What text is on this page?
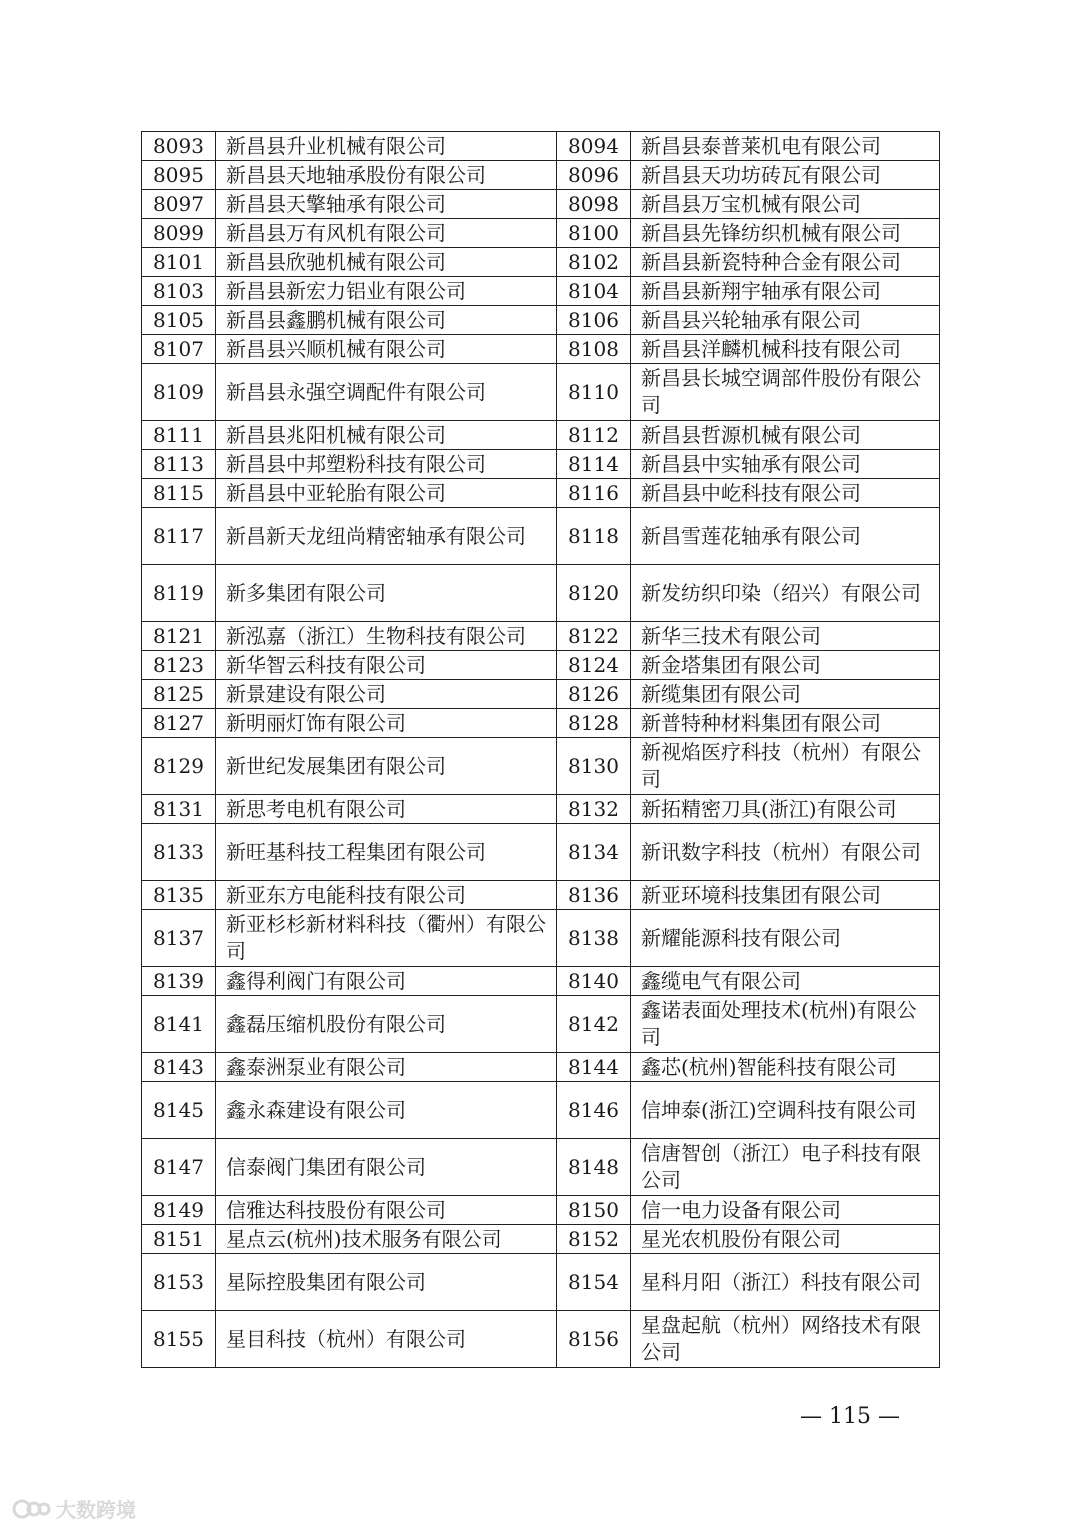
8093	新昌县升业机械有限公司	8094	新昌县泰普莱机电有限公司
8095	新昌县天地轴承股份有限公司	8096	新昌县天功坊砖瓦有限公司
8097	新昌县天擎轴承有限公司	8098	新昌县万宝机械有限公司
8099	新昌县万有风机有限公司	8100	新昌县先锋纺织机械有限公司
8101	新昌县欣驰机械有限公司	8102	新昌县新瓷特种合金有限公司
8103	新昌县新宏力铝业有限公司	8104	新昌县新翔宇轴承有限公司
8105	新昌县鑫鹏机械有限公司	8106	新昌县兴轮轴承有限公司
8107	新昌县兴顺机械有限公司	8108	新昌县洋麟机械科技有限公司
8109	新昌县永强空调配件有限公司	8110	新昌县长城空调部件股份有限公司
8111	新昌县兆阳机械有限公司	8112	新昌县哲源机械有限公司
8113	新昌县中邦塑粉科技有限公司	8114	新昌县中实轴承有限公司
8115	新昌县中亚轮胎有限公司	8116	新昌县中屹科技有限公司
8117	新昌新天龙纽尚精密轴承有限公司	8118	新昌雪莲花轴承有限公司
8119	新多集团有限公司	8120	新发纺织印染（绍兴）有限公司
8121	新泓嘉（浙江）生物科技有限公司	8122	新华三技术有限公司
8123	新华智云科技有限公司	8124	新金塔集团有限公司
8125	新景建设有限公司	8126	新缆集团有限公司
8127	新明丽灯饰有限公司	8128	新普特种材料集团有限公司
8129	新世纪发展集团有限公司	8130	新视焰医疗科技（杭州）有限公司
8131	新思考电机有限公司	8132	新拓精密刀具(浙江)有限公司
8133	新旺基科技工程集团有限公司	8134	新讯数字科技（杭州）有限公司
8135	新亚东方电能科技有限公司	8136	新亚环境科技集团有限公司
8137	新亚杉杉新材料科技（衢州）有限公司	8138	新耀能源科技有限公司
8139	鑫得利阀门有限公司	8140	鑫缆电气有限公司
8141	鑫磊压缩机股份有限公司	8142	鑫诺表面处理技术(杭州)有限公司
8143	鑫泰洲泵业有限公司	8144	鑫芯(杭州)智能科技有限公司
8145	鑫永森建设有限公司	8146	信坤泰(浙江)空调科技有限公司
8147	信泰阀门集团有限公司	8148	信唐智创（浙江）电子科技有限公司
8149	信雅达科技股份有限公司	8150	信一电力设备有限公司
8151	星点云(杭州)技术服务有限公司	8152	星光农机股份有限公司
8153	星际控股集团有限公司	8154	星科月阳（浙江）科技有限公司
8155	星目科技（杭州）有限公司	8156	星盘起航（杭州）网络技术有限公司
— 115 —
大数跨境
